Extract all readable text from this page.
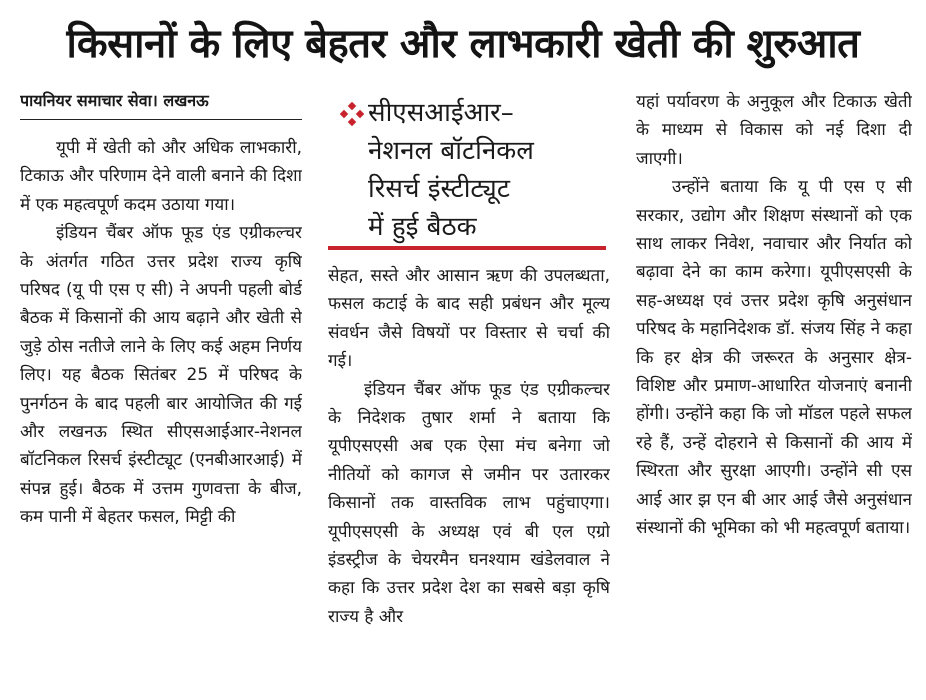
किसानों के लिए बेहतर और लाभकारी खेती की शुरुआत
पायनियर समाचार सेवा। लखनऊ

यूपी में खेती को और अधिक लाभकारी, टिकाऊ और परिणाम देने वाली बनाने की दिशा में एक महत्वपूर्ण कदम उठाया गया।

इंडियन चैंबर ऑफ फूड एंड एग्रीकल्चर के अंतर्गत गठित उत्तर प्रदेश राज्य कृषि परिषद (यू पी एस ए सी) ने अपनी पहली बोर्ड बैठक में किसानों की आय बढ़ाने और खेती से जुड़े ठोस नतीजे लाने के लिए कई अहम निर्णय लिए। यह बैठक सितंबर 25 में परिषद के पुनर्गठन के बाद पहली बार आयोजित की गई और लखनऊ स्थित सीएसआईआर-नेशनल बॉटनिकल रिसर्च इंस्टीट्यूट (एनबीआरआई) में संपन्न हुई। बैठक में उत्तम गुणवत्ता के बीज, कम पानी में बेहतर फसल, मिट्टी की

सीएसआईआर–
नेशनल बॉटनिकल
रिसर्च इंस्टीट्यूट
में हुई बैठक

सेहत, सस्ते और आसान ऋण की उपलब्धता, फसल कटाई के बाद सही प्रबंधन और मूल्य संवर्धन जैसे विषयों पर विस्तार से चर्चा की गई।

इंडियन चैंबर ऑफ फूड एंड एग्रीकल्चर के निदेशक तुषार शर्मा ने बताया कि यूपीएसएसी अब एक ऐसा मंच बनेगा जो नीतियों को कागज से जमीन पर उतारकर किसानों तक वास्तविक लाभ पहुंचाएगा। यूपीएसएसी के अध्यक्ष एवं बी एल एग्रो इंडस्ट्रीज के चेयरमैन घनश्याम खंडेलवाल ने कहा कि उत्तर प्रदेश देश का सबसे बड़ा कृषि राज्य है और

यहां पर्यावरण के अनुकूल और टिकाऊ खेती के माध्यम से विकास को नई दिशा दी जाएगी।

उन्होंने बताया कि यू पी एस ए सी सरकार, उद्योग और शिक्षण संस्थानों को एक साथ लाकर निवेश, नवाचार और निर्यात को बढ़ावा देने का काम करेगा। यूपीएसएसी के सह-अध्यक्ष एवं उत्तर प्रदेश कृषि अनुसंधान परिषद के महानिदेशक डॉ. संजय सिंह ने कहा कि हर क्षेत्र की जरूरत के अनुसार क्षेत्र-विशिष्ट और प्रमाण-आधारित योजनाएं बनानी होंगी। उन्होंने कहा कि जो मॉडल पहले सफल रहे हैं, उन्हें दोहराने से किसानों की आय में स्थिरता और सुरक्षा आएगी। उन्होंने सी एस आई आर झ एन बी आर आई जैसे अनुसंधान संस्थानों की भूमिका को भी महत्वपूर्ण बताया।
